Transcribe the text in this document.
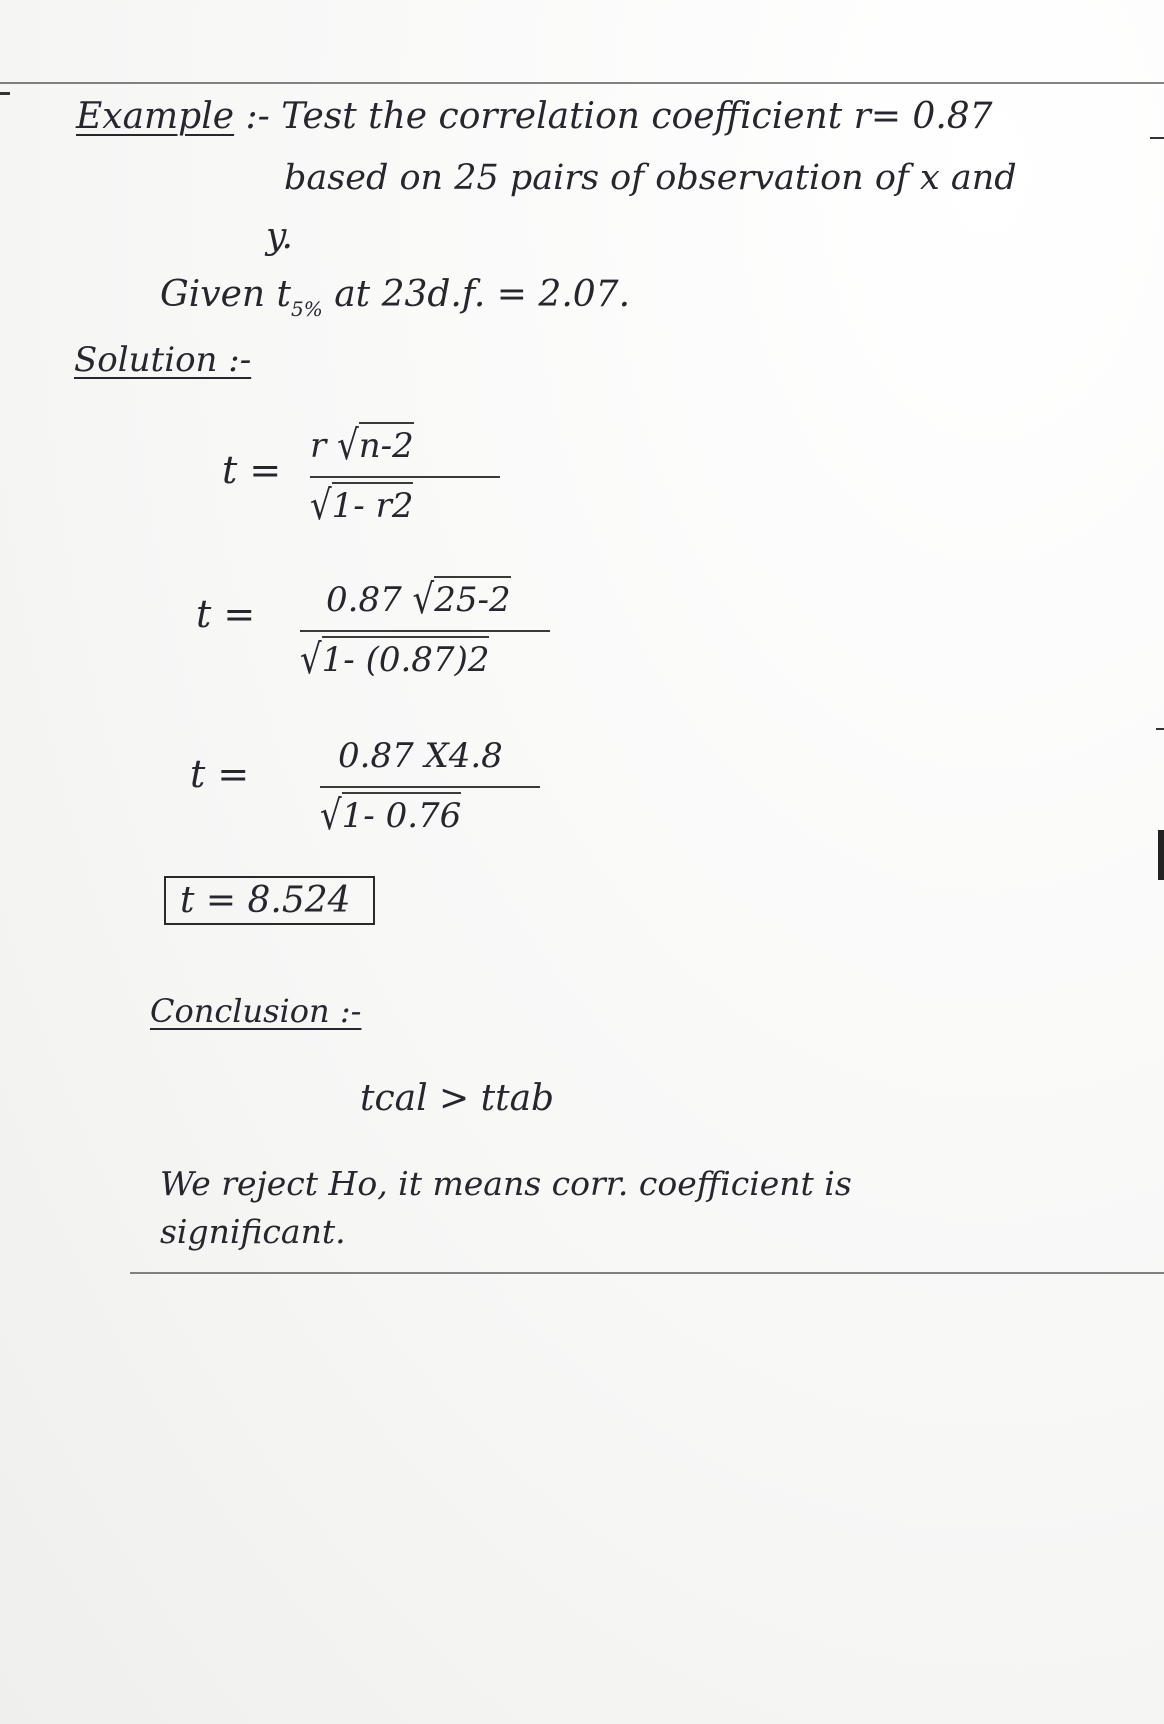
Example :- Test the correlation coefficient r= 0.87
based on 25 pairs of observation of x and
y.
Given $t_{5\%}$ at 23d.f. = 2.07.
Solution :-
t =
r √n-2
√1- r2
t =	0.87 √25-2
√1- (0.87)2
t =	0.87 X4.8
√1- 0.76
t = 8.524
Conclusion :-
tcal > ttab
We reject Ho, it means corr. coefficient is
significant.
